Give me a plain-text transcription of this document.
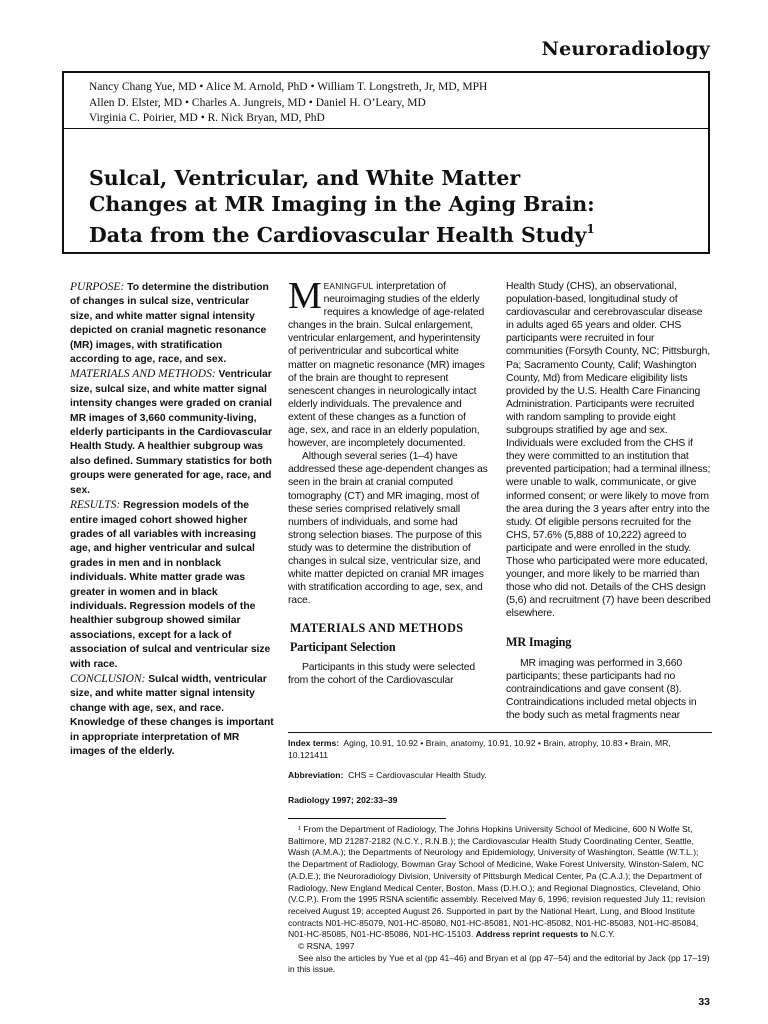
Neuroradiology
Nancy Chang Yue, MD • Alice M. Arnold, PhD • William T. Longstreth, Jr, MD, MPH
Allen D. Elster, MD • Charles A. Jungreis, MD • Daniel H. O’Leary, MD
Virginia C. Poirier, MD • R. Nick Bryan, MD, PhD
Sulcal, Ventricular, and White Matter
Changes at MR Imaging in the Aging Brain:
Data from the Cardiovascular Health Study$^1$

PURPOSE: To determine the distribution of changes in sulcal size, ventricular size, and white matter signal intensity depicted on cranial magnetic resonance (MR) images, with stratification according to age, race, and sex.

MATERIALS AND METHODS: Ventricular size, sulcal size, and white matter signal intensity changes were graded on cranial MR images of 3,660 community-living, elderly participants in the Cardiovascular Health Study. A healthier subgroup was also defined. Summary statistics for both groups were generated for age, race, and sex.

RESULTS: Regression models of the entire imaged cohort showed higher grades of all variables with increasing age, and higher ventricular and sulcal grades in men and in nonblack individuals. White matter grade was greater in women and in black individuals. Regression models of the healthier subgroup showed similar associations, except for a lack of association of sulcal and ventricular size with race.

CONCLUSION: Sulcal width, ventricular size, and white matter signal intensity change with age, sex, and race. Knowledge of these changes is important in appropriate interpretation of MR images of the elderly.

MEANINGFUL interpretation of neuroimaging studies of the elderly requires a knowledge of age-related changes in the brain. Sulcal enlargement, ventricular enlargement, and hyperintensity of periventricular and subcortical white matter on magnetic resonance (MR) images of the brain are thought to represent senescent changes in neurologically intact elderly individuals. The prevalence and extent of these changes as a function of age, sex, and race in an elderly population, however, are incompletely documented.

Although several series (1–4) have addressed these age-dependent changes as seen in the brain at cranial computed tomography (CT) and MR imaging, most of these series comprised relatively small numbers of individuals, and some had strong selection biases. The purpose of this study was to determine the distribution of changes in sulcal size, ventricular size, and white matter depicted on cranial MR images with stratification according to age, sex, and race.

MATERIALS AND METHODS
Participant Selection

Participants in this study were selected from the cohort of the Cardiovascular

Health Study (CHS), an observational, population-based, longitudinal study of cardiovascular and cerebrovascular disease in adults aged 65 years and older. CHS participants were recruited in four communities (Forsyth County, NC; Pittsburgh, Pa; Sacramento County, Calif; Washington County, Md) from Medicare eligibility lists provided by the U.S. Health Care Financing Administration. Participants were recruited with random sampling to provide eight subgroups stratified by age and sex. Individuals were excluded from the CHS if they were committed to an institution that prevented participation; had a terminal illness; were unable to walk, communicate, or give informed consent; or were likely to move from the area during the 3 years after entry into the study. Of eligible persons recruited for the CHS, 57.6% (5,888 of 10,222) agreed to participate and were enrolled in the study. Those who participated were more educated, younger, and more likely to be married than those who did not. Details of the CHS design (5,6) and recruitment (7) have been described elsewhere.

MR Imaging

MR imaging was performed in 3,660 participants; these participants had no contraindications and gave consent (8). Contraindications included metal objects in the body such as metal fragments near

Index terms: Aging, 10.91, 10.92 • Brain, anatomy, 10.91, 10.92 • Brain, atrophy, 10.83 • Brain, MR, 10.121411
Abbreviation: CHS = Cardiovascular Health Study.
Radiology 1997; 202:33–39

¹ From the Department of Radiology, The Johns Hopkins University School of Medicine, 600 N Wolfe St, Baltimore, MD 21287-2182 (N.C.Y., R.N.B.); the Cardiovascular Health Study Coordinating Center, Seattle, Wash (A.M.A.); the Departments of Neurology and Epidemiology, University of Washington, Seattle (W.T.L.); the Department of Radiology, Bowman Gray School of Medicine, Wake Forest University, Winston-Salem, NC (A.D.E.); the Neuroradiology Division, University of Pittsburgh Medical Center, Pa (C.A.J.); the Department of Radiology, New England Medical Center, Boston, Mass (D.H.O.); and Regional Diagnostics, Cleveland, Ohio (V.C.P.). From the 1995 RSNA scientific assembly. Received May 6, 1996; revision requested July 11; revision received August 19; accepted August 26. Supported in part by the National Heart, Lung, and Blood Institute contracts N01-HC-85079, N01-HC-85080, N01-HC-85081, N01-HC-85082, N01-HC-85083, N01-HC-85084, N01-HC-85085, N01-HC-85086, N01-HC-15103. Address reprint requests to N.C.Y.

© RSNA, 1997

See also the articles by Yue et al (pp 41–46) and Bryan et al (pp 47–54) and the editorial by Jack (pp 17–19) in this issue.

33
